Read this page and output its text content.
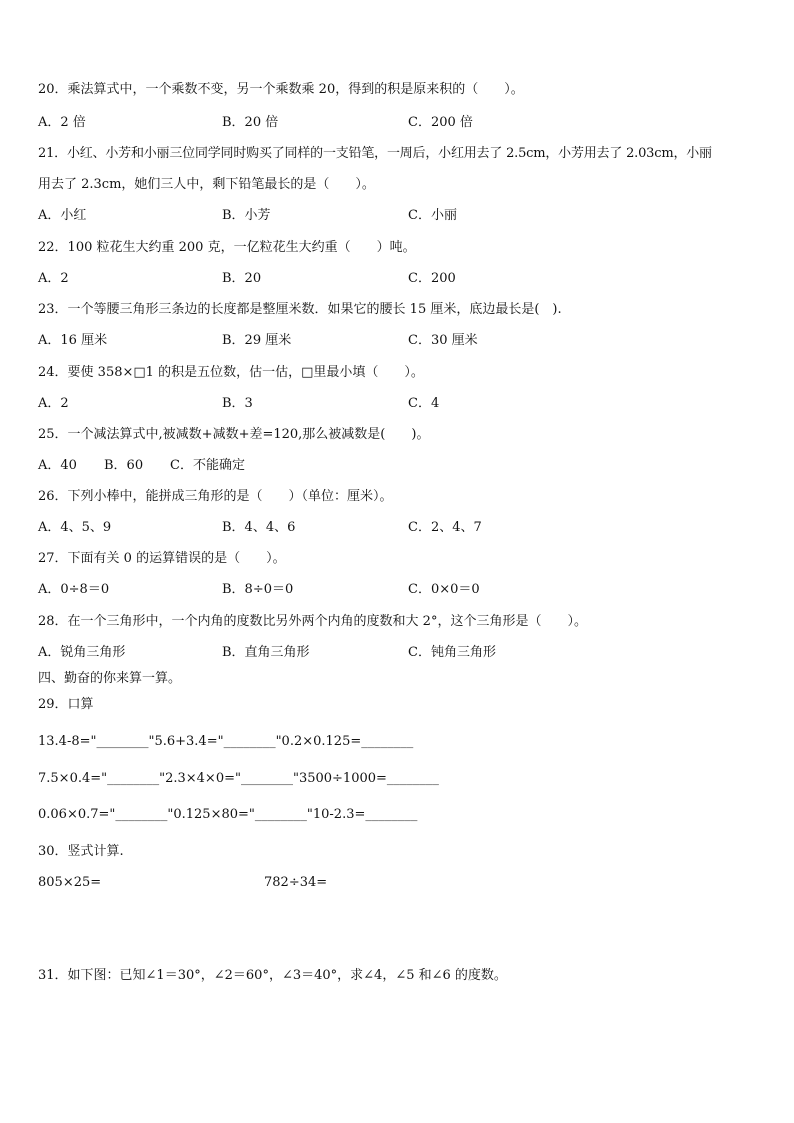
20．乘法算式中，一个乘数不变，另一个乘数乘 20，得到的积是原来积的（　　）。
A．2 倍	B．20 倍	C．200 倍
21．小红、小芳和小丽三位同学同时购买了同样的一支铅笔，一周后，小红用去了 2.5cm，小芳用去了 2.03cm，小丽
用去了 2.3cm，她们三人中，剩下铅笔最长的是（　　）。
A．小红	B．小芳	C．小丽
22．100 粒花生大约重 200 克，一亿粒花生大约重（　　）吨。
A．2	B．20	C．200
23．一个等腰三角形三条边的长度都是整厘米数．如果它的腰长 15 厘米，底边最长是(　).
A．16 厘米	B．29 厘米	C．30 厘米
24．要使 358×□1 的积是五位数，估一估，□里最小填（　　）。
A．2	B．3	C．4
25．一个减法算式中,被减数+减数+差=120,那么被减数是(　　)。
A．40 B．60 C．不能确定
26．下列小棒中，能拼成三角形的是（　　）（单位：厘米）。
A．4、5、9	B．4、4、6	C．2、4、7
27．下面有关 0 的运算错误的是（　　）。
A．0÷8＝0	B．8÷0＝0	C．0×0＝0
28．在一个三角形中，一个内角的度数比另外两个内角的度数和大 2°，这个三角形是（　　）。
A．锐角三角形	B．直角三角形	C．钝角三角形
四、勤奋的你来算一算。
29．口算
13.4-8="________"5.6+3.4="________"0.2×0.125=________
7.5×0.4="________"2.3×4×0="________"3500÷1000=________
0.06×0.7="________"0.125×80="________"10-2.3=________
30．竖式计算.
805×25=	782÷34=
31．如下图：已知∠1＝30°，∠2＝60°，∠3＝40°，求∠4，∠5 和∠6 的度数。
